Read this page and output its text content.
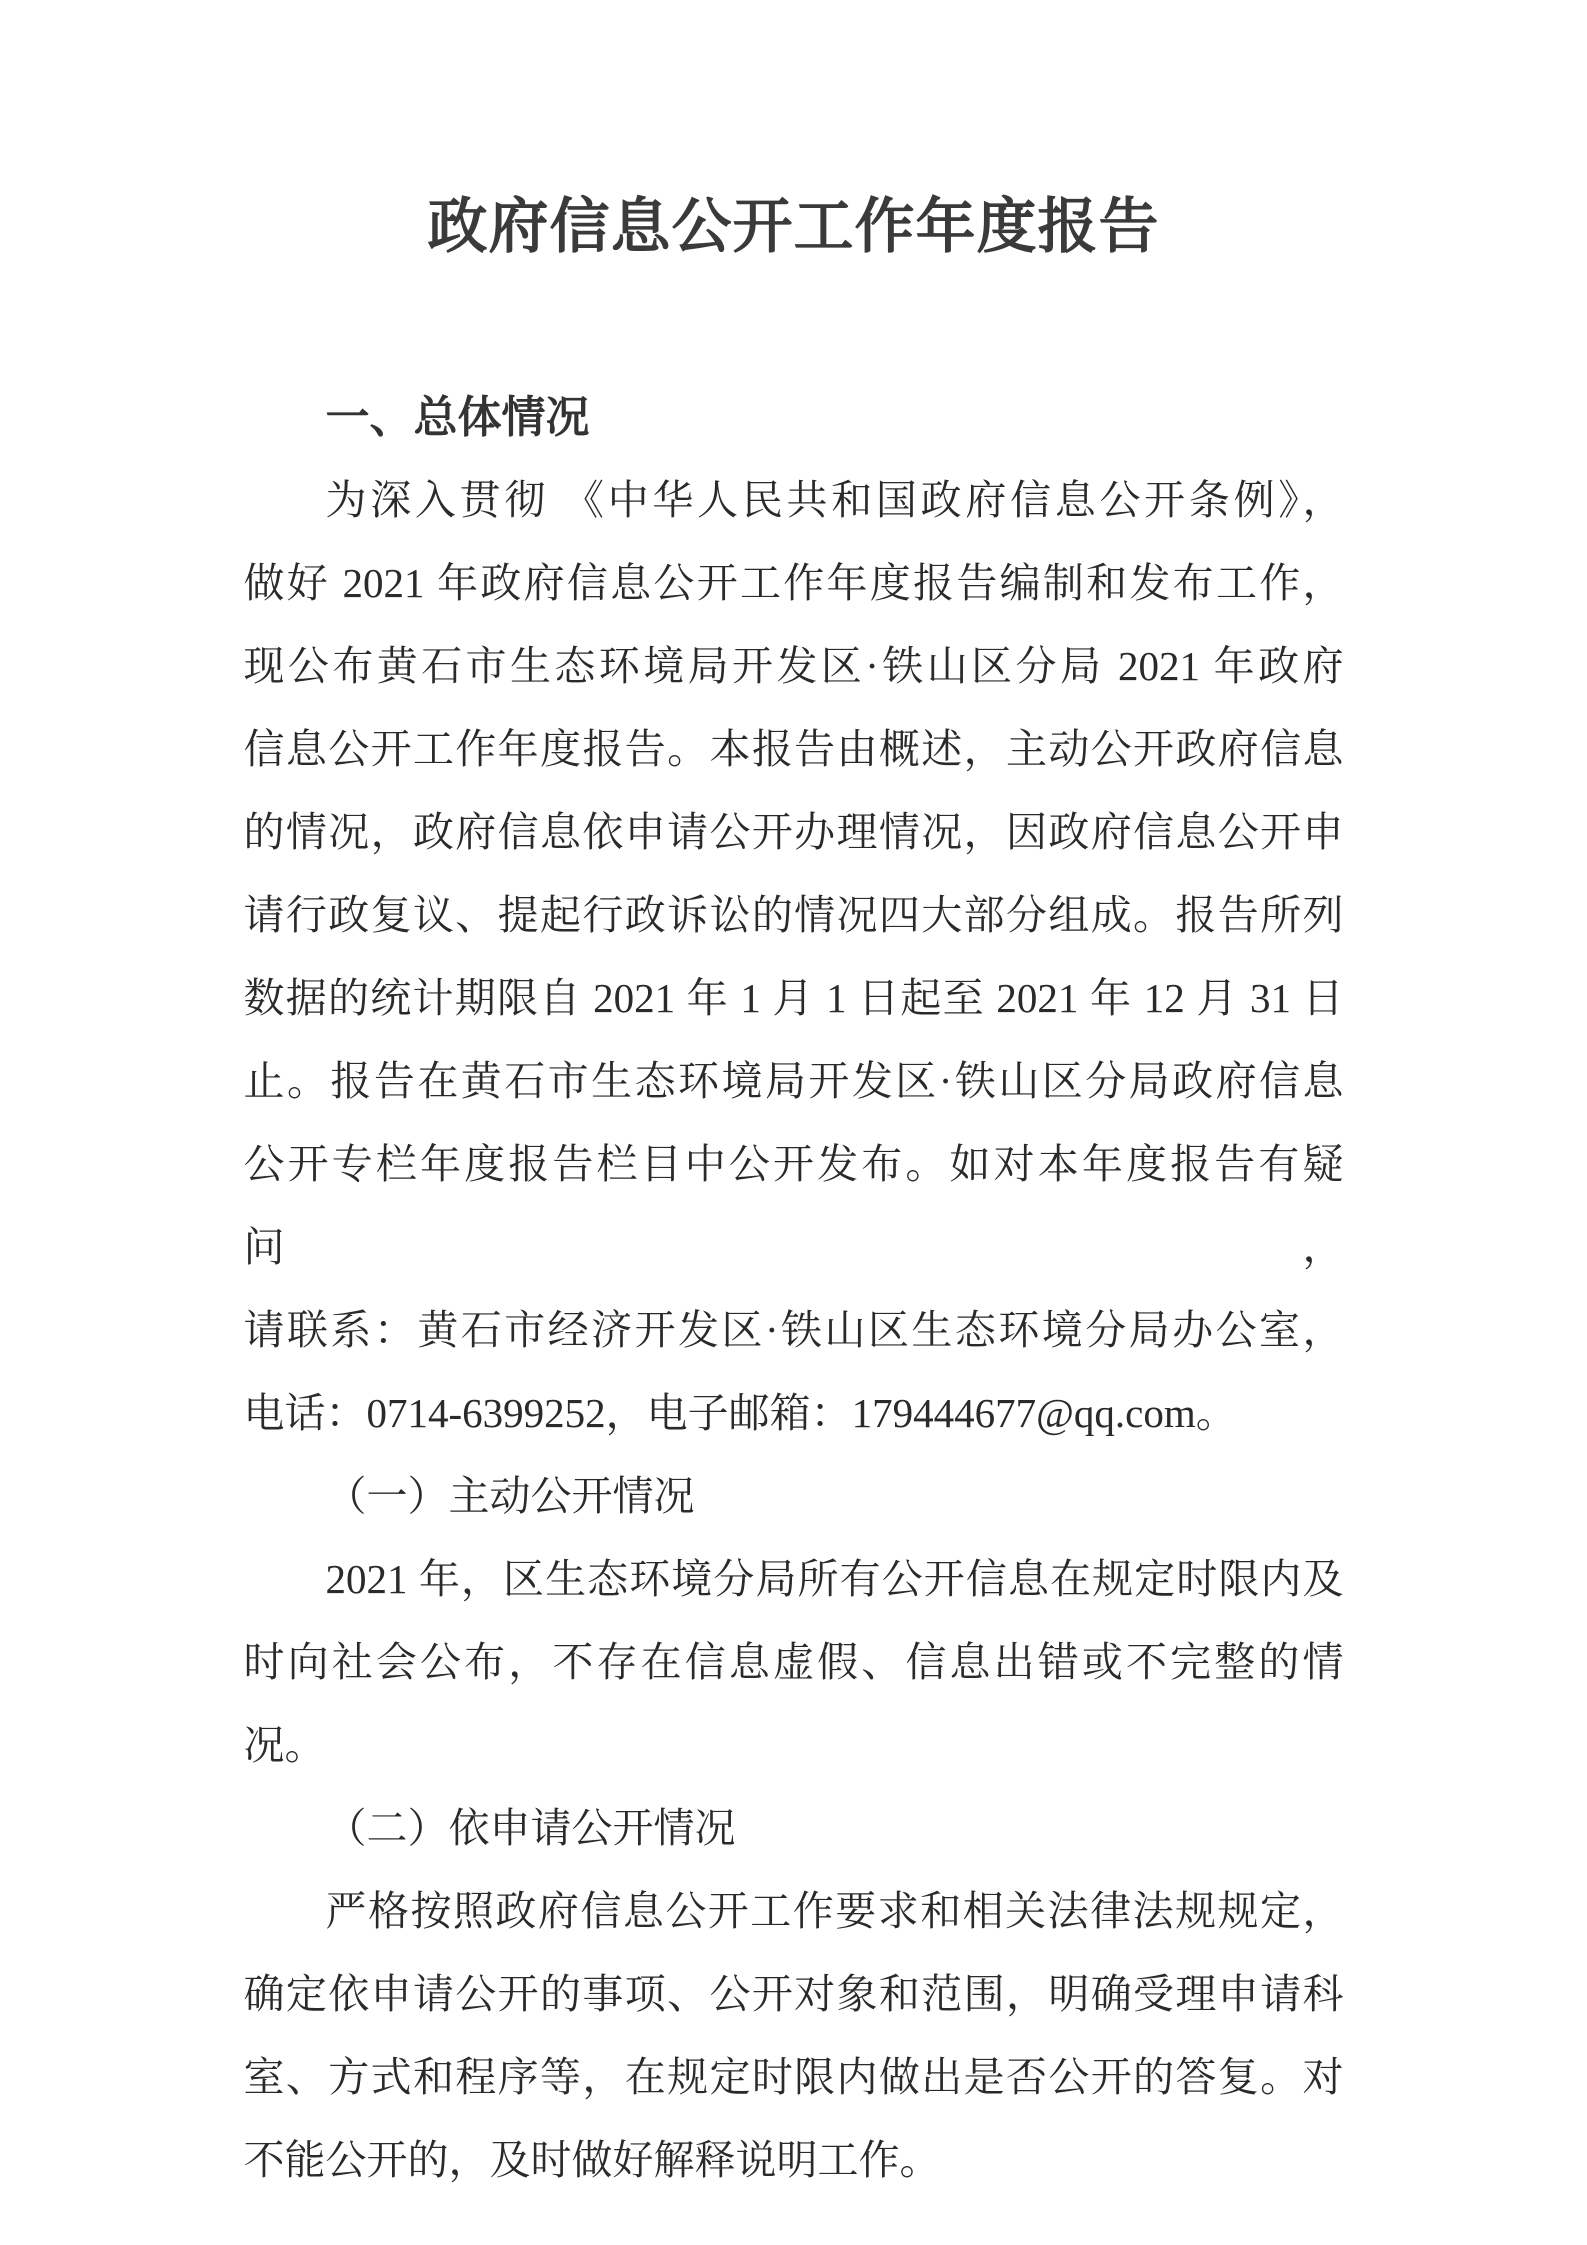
政府信息公开工作年度报告
一、总体情况
为深入贯彻 《中华人民共和国政府信息公开条例》，
做好 2021 年政府信息公开工作年度报告编制和发布工作，
现公布黄石市生态环境局开发区·铁山区分局 2021 年政府
信息公开工作年度报告。本报告由概述，主动公开政府信息
的情况，政府信息依申请公开办理情况，因政府信息公开申
请行政复议、提起行政诉讼的情况四大部分组成。报告所列
数据的统计期限自 2021 年 1 月 1 日起至 2021 年 12 月 31 日
止。报告在黄石市生态环境局开发区·铁山区分局政府信息
公开专栏年度报告栏目中公开发布。如对本年度报告有疑问，
请联系：黄石市经济开发区·铁山区生态环境分局办公室，
电话：0714-6399252，电子邮箱：179444677@qq.com。
（一）主动公开情况
2021 年，区生态环境分局所有公开信息在规定时限内及
时向社会公布，不存在信息虚假、信息出错或不完整的情况。
（二）依申请公开情况
严格按照政府信息公开工作要求和相关法律法规规定，
确定依申请公开的事项、公开对象和范围，明确受理申请科
室、方式和程序等，在规定时限内做出是否公开的答复。对
不能公开的，及时做好解释说明工作。
